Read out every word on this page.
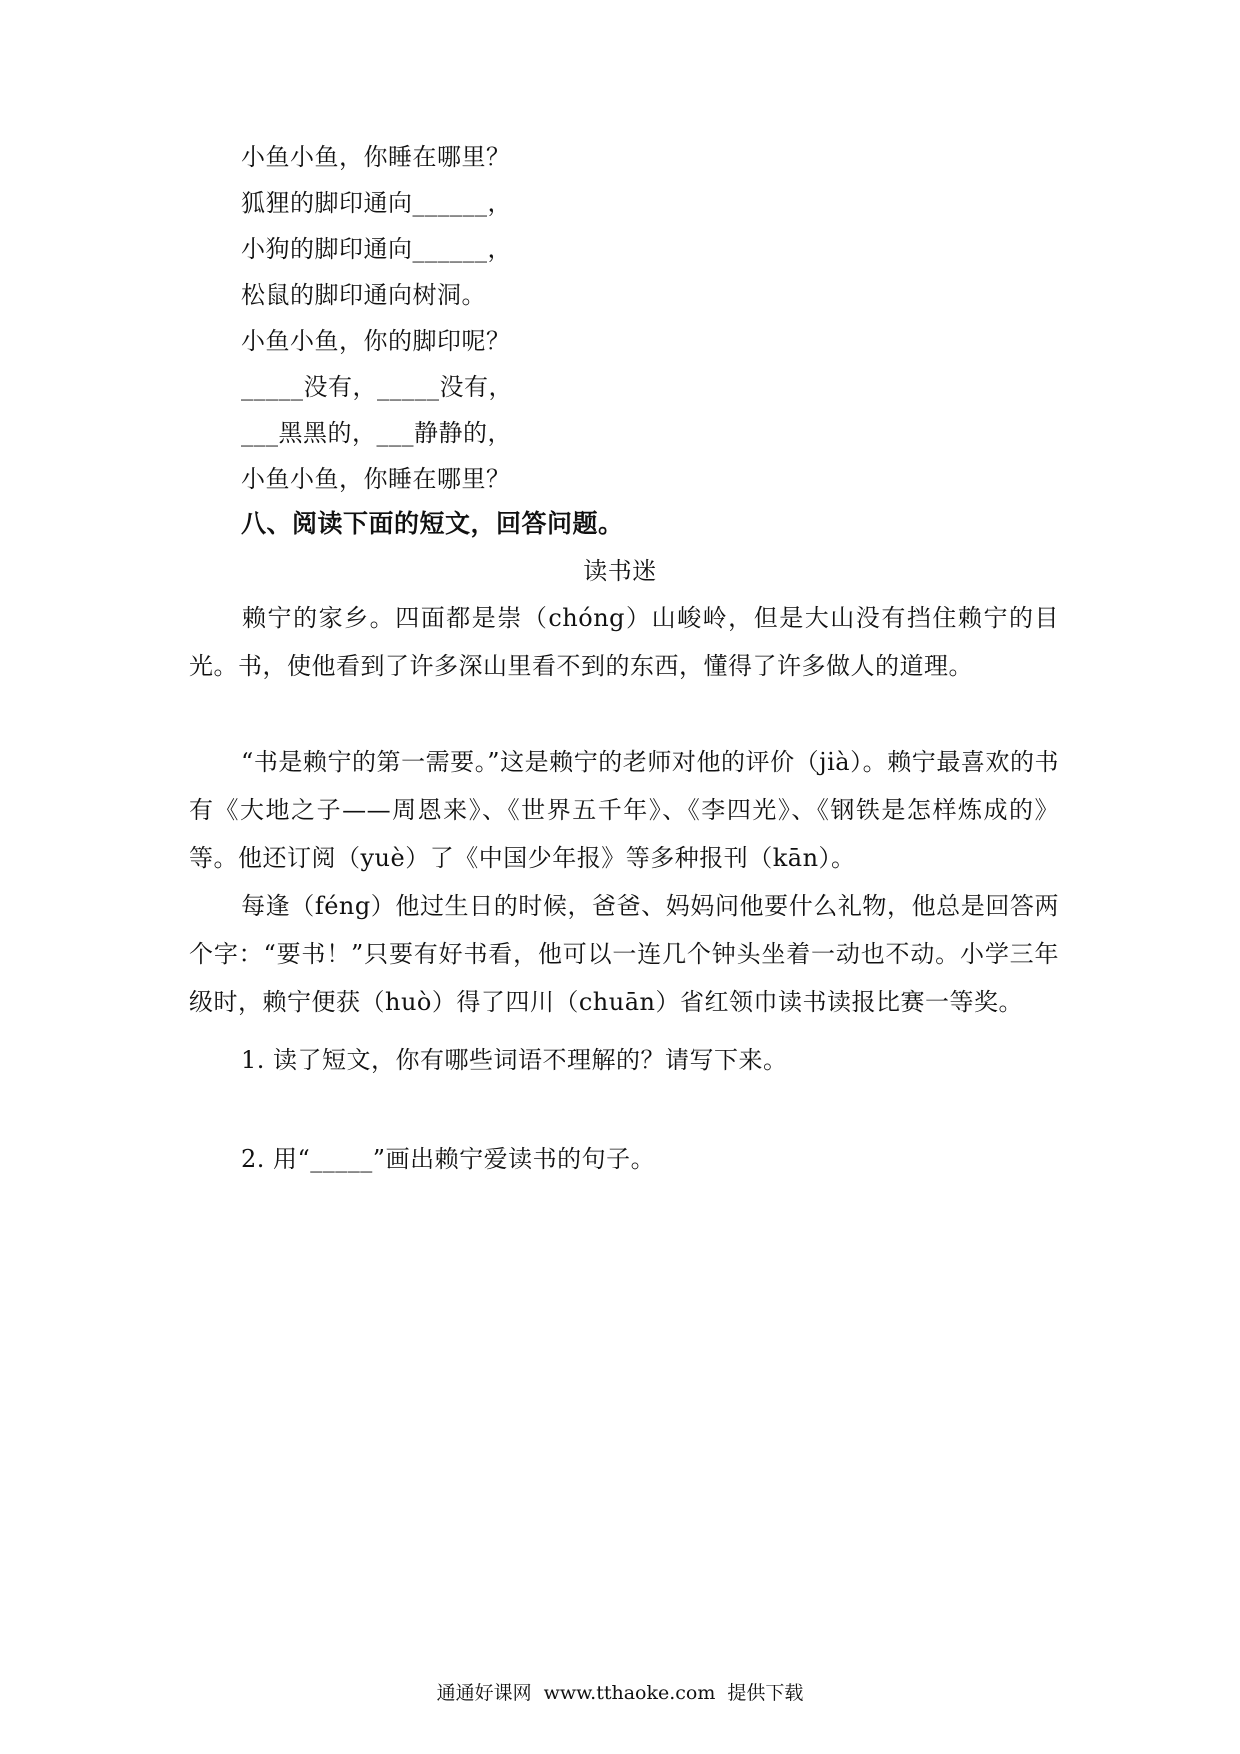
小鱼小鱼，你睡在哪里？
狐狸的脚印通向______，
小狗的脚印通向______，
松鼠的脚印通向树洞。
小鱼小鱼，你的脚印呢？
_____没有，_____没有，
___黑黑的，___静静的，
小鱼小鱼，你睡在哪里？
八、阅读下面的短文，回答问题。
读书迷
赖宁的家乡。四面都是崇（chóng）山峻岭，但是大山没有挡住赖宁的目光。书，使他看到了许多深山里看不到的东西，懂得了许多做人的道理。
“书是赖宁的第一需要。”这是赖宁的老师对他的评价（jià）。赖宁最喜欢的书有《大地之子——周恩来》、《世界五千年》、《李四光》、《钢铁是怎样炼成的》等。他还订阅（yuè）了《中国少年报》等多种报刊（kān）。
每逢（féng）他过生日的时候，爸爸、妈妈问他要什么礼物，他总是回答两个字：“要书！”只要有好书看，他可以一连几个钟头坐着一动也不动。小学三年级时，赖宁便获（huò）得了四川（chuān）省红领巾读书读报比赛一等奖。
1. 读了短文，你有哪些词语不理解的？请写下来。
2. 用“_____”画出赖宁爱读书的句子。
通通好课网 www.tthaoke.com 提供下载
